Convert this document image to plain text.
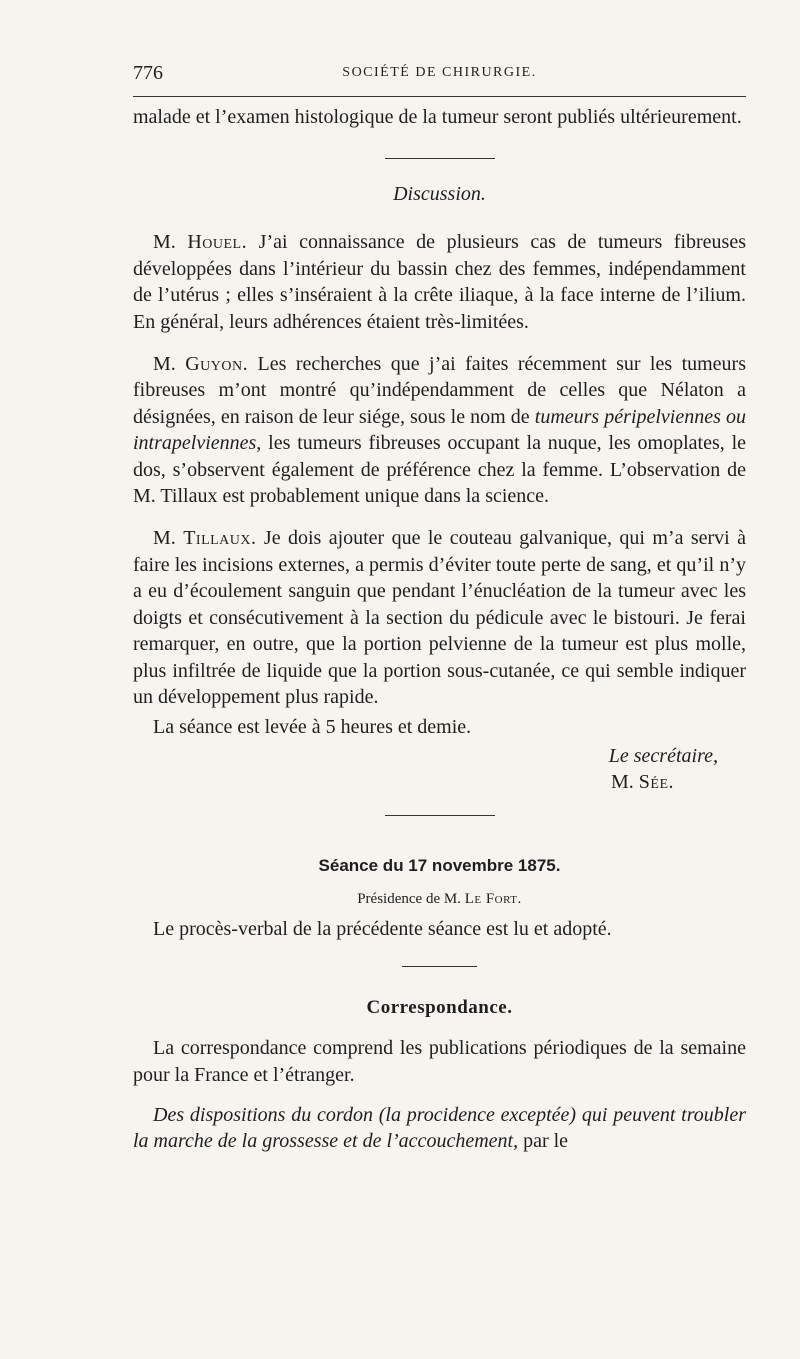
776	SOCIÉTÉ DE CHIRURGIE.

malade et l’examen histologique de la tumeur seront publiés ultérieurement.

Discussion.

M. Houel. J’ai connaissance de plusieurs cas de tumeurs fibreuses développées dans l’intérieur du bassin chez des femmes, indépendamment de l’utérus ; elles s’inséraient à la crête iliaque, à la face interne de l’ilium. En général, leurs adhérences étaient très-limitées.

M. Guyon. Les recherches que j’ai faites récemment sur les tumeurs fibreuses m’ont montré qu’indépendamment de celles que Nélaton a désignées, en raison de leur siége, sous le nom de tumeurs péripelviennes ou intrapelviennes, les tumeurs fibreuses occupant la nuque, les omoplates, le dos, s’observent également de préférence chez la femme. L’observation de M. Tillaux est probablement unique dans la science.

M. Tillaux. Je dois ajouter que le couteau galvanique, qui m’a servi à faire les incisions externes, a permis d’éviter toute perte de sang, et qu’il n’y a eu d’écoulement sanguin que pendant l’énucléation de la tumeur avec les doigts et consécutivement à la section du pédicule avec le bistouri. Je ferai remarquer, en outre, que la portion pelvienne de la tumeur est plus molle, plus infiltrée de liquide que la portion sous-cutanée, ce qui semble indiquer un développement plus rapide.

La séance est levée à 5 heures et demie.

Le secrétaire,

M. Sée.

Séance du 17 novembre 1875.
Présidence de M. Le Fort.

Le procès-verbal de la précédente séance est lu et adopté.

Correspondance.

La correspondance comprend les publications périodiques de la semaine pour la France et l’étranger.

Des dispositions du cordon (la procidence exceptée) qui peuvent troubler la marche de la grossesse et de l’accouchement, par le
